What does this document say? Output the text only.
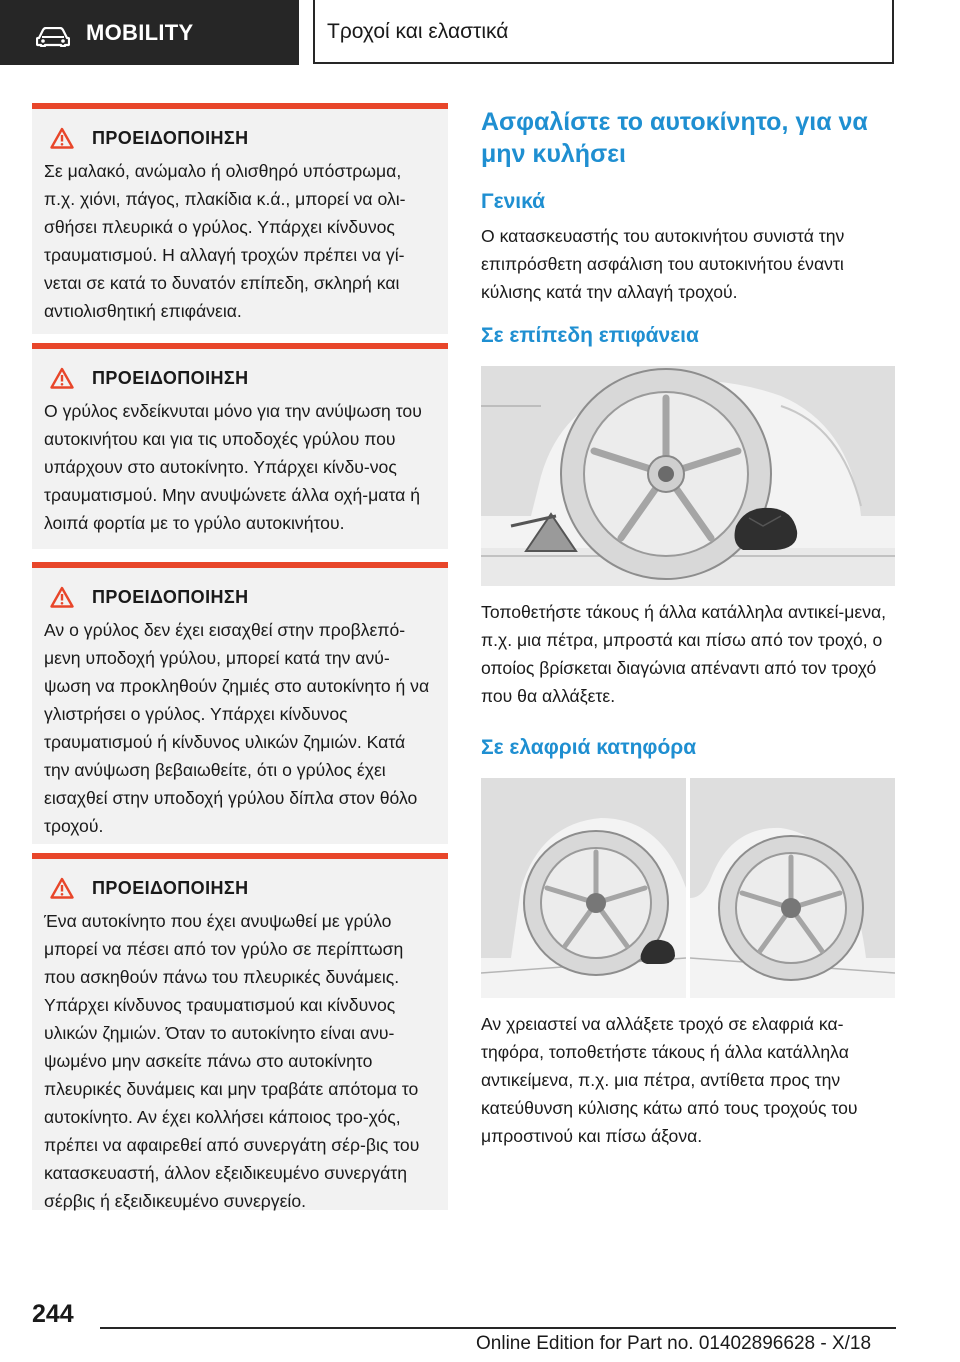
MOBILITY	Τροχοί και ελαστικά
ΠΡΟΕΙΔΟΠΟΙΗΣΗ

Σε μαλακό, ανώμαλο ή ολισθηρό υπόστρωμα, π.χ. χιόνι, πάγος, πλακίδια κ.ά., μπορεί να ολι-σθήσει πλευρικά ο γρύλος. Υπάρχει κίνδυνος τραυματισμού. Η αλλαγή τροχών πρέπει να γί-νεται σε κατά το δυνατόν επίπεδη, σκληρή και αντιολισθητική επιφάνεια.

ΠΡΟΕΙΔΟΠΟΙΗΣΗ

Ο γρύλος ενδείκνυται μόνο για την ανύψωση του αυτοκινήτου και για τις υποδοχές γρύλου που υπάρχουν στο αυτοκίνητο. Υπάρχει κίνδυ-νος τραυματισμού. Μην ανυψώνετε άλλα οχή-ματα ή λοιπά φορτία με το γρύλο αυτοκινήτου.

ΠΡΟΕΙΔΟΠΟΙΗΣΗ

Αν ο γρύλος δεν έχει εισαχθεί στην προβλεπό-μενη υποδοχή γρύλου, μπορεί κατά την ανύ-ψωση να προκληθούν ζημιές στο αυτοκίνητο ή να γλιστρήσει ο γρύλος. Υπάρχει κίνδυνος τραυματισμού ή κίνδυνος υλικών ζημιών. Κατά την ανύψωση βεβαιωθείτε, ότι ο γρύλος έχει εισαχθεί στην υποδοχή γρύλου δίπλα στον θόλο τροχού.

ΠΡΟΕΙΔΟΠΟΙΗΣΗ

Ένα αυτοκίνητο που έχει ανυψωθεί με γρύλο μπορεί να πέσει από τον γρύλο σε περίπτωση που ασκηθούν πάνω του πλευρικές δυνάμεις. Υπάρχει κίνδυνος τραυματισμού και κίνδυνος υλικών ζημιών. Όταν το αυτοκίνητο είναι ανυ-ψωμένο μην ασκείτε πάνω στο αυτοκίνητο πλευρικές δυνάμεις και μην τραβάτε απότομα το αυτοκίνητο. Αν έχει κολλήσει κάποιος τρο-χός, πρέπει να αφαιρεθεί από συνεργάτη σέρ-βις του κατασκευαστή, άλλον εξειδικευμένο συνεργάτη σέρβις ή εξειδικευμένο συνεργείο.

Ασφαλίστε το αυτοκίνητο, για να μην κυλήσει
Γενικά
Ο κατασκευαστής του αυτοκινήτου συνιστά την επιπρόσθετη ασφάλιση του αυτοκινήτου έναντι κύλισης κατά την αλλαγή τροχού.
Σε επίπεδη επιφάνεια
Τοποθετήστε τάκους ή άλλα κατάλληλα αντικεί-μενα, π.χ. μια πέτρα, μπροστά και πίσω από τον τροχό, ο οποίος βρίσκεται διαγώνια απέναντι από τον τροχό που θα αλλάξετε.
Σε ελαφριά κατηφόρα
Αν χρειαστεί να αλλάξετε τροχό σε ελαφριά κα-τηφόρα, τοποθετήστε τάκους ή άλλα κατάλληλα αντικείμενα, π.χ. μια πέτρα, αντίθετα προς την κατεύθυνση κύλισης κάτω από τους τροχούς του μπροστινού και πίσω άξονα.
244
Online Edition for Part no. 01402896628 - X/18
